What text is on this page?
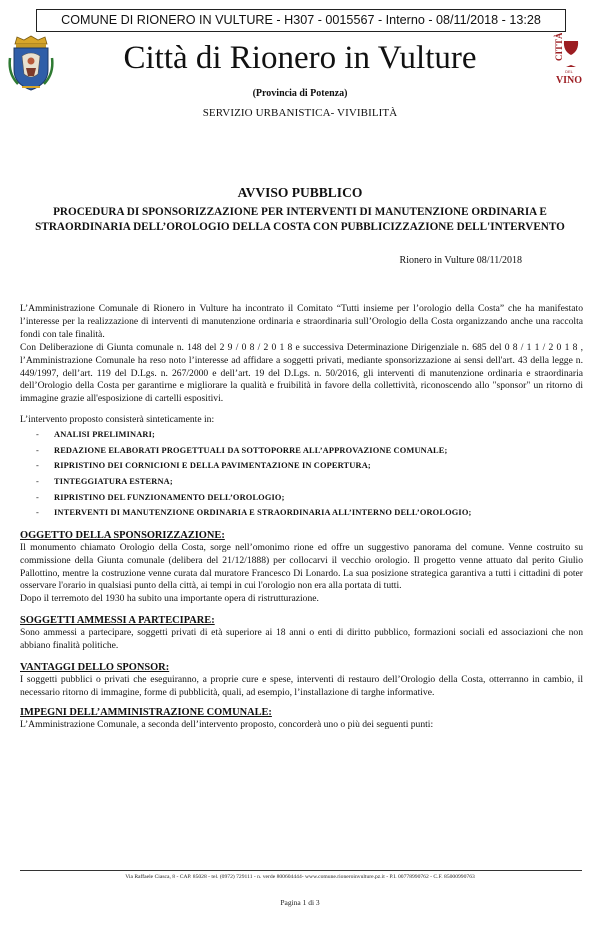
COMUNE DI RIONERO IN VULTURE - H307 - 0015567 - Interno - 08/11/2018 - 13:28
Città di Rionero in Vulture	CITTÀ
DEL
VINO
(Provincia di Potenza)
SERVIZIO URBANISTICA- VIVIBILITÀ
AVVISO PUBBLICO
PROCEDURA DI SPONSORIZZAZIONE PER INTERVENTI DI MANUTENZIONE ORDINARIA E STRAORDINARIA DELL’OROLOGIO DELLA COSTA CON PUBBLICIZZAZIONE DELL'INTERVENTO
Rionero in Vulture 08/11/2018

L’Amministrazione Comunale di Rionero in Vulture ha incontrato il Comitato “Tutti insieme per l’orologio della Costa” che ha manifestato l’interesse per la realizzazione di interventi di manutenzione ordinaria e straordinaria sull’Orologio della Costa organizzando anche una raccolta fondi con tale finalità.

Con Deliberazione di Giunta comunale n. 148 del 2 9 / 0 8 / 2 0 1 8 e successiva Determinazione Dirigenziale n. 685 del 0 8 / 1 1 / 2 0 1 8 , l’Amministrazione Comunale ha reso noto l’interesse ad affidare a soggetti privati, mediante sponsorizzazione ai sensi dell'art. 43 della legge n. 449/1997, dell’art. 119 del D.Lgs. n. 267/2000 e dell’art. 19 del D.Lgs. n. 50/2016, gli interventi di manutenzione ordinaria e straordinaria dell’Orologio della Costa per garantirne e migliorare la qualità e fruibilità in favore della collettività, riconoscendo allo "sponsor" un ritorno di immagine grazie all'esposizione di cartelli espositivi.

L’intervento proposto consisterà sinteticamente in:

- ANALISI PRELIMINARI;
- REDAZIONE ELABORATI PROGETTUALI DA SOTTOPORRE ALL’APPROVAZIONE COMUNALE;
- RIPRISTINO DEI CORNICIONI E DELLA PAVIMENTAZIONE IN COPERTURA;
- TINTEGGIATURA ESTERNA;
- RIPRISTINO DEL FUNZIONAMENTO DELL’OROLOGIO;
- INTERVENTI DI MANUTENZIONE ORDINARIA E STRAORDINARIA ALL’INTERNO DELL’OROLOGIO;

OGGETTO DELLA SPONSORIZZAZIONE:

Il monumento chiamato Orologio della Costa, sorge nell’omonimo rione ed offre un suggestivo panorama del comune. Venne costruito su commissione della Giunta comunale (delibera del 21/12/1888) per collocarvi il vecchio orologio. Il progetto venne attuato dal perito Giulio Pallottino, mentre la costruzione venne curata dal muratore Francesco Di Lonardo. La sua posizione strategica garantiva a tutti i cittadini di poter osservare l'orario in qualsiasi punto della città, ai tempi in cui l'orologio non era alla portata di tutti.

Dopo il terremoto del 1930 ha subito una importante opera di ristrutturazione.

SOGGETTI AMMESSI A PARTECIPARE:

Sono ammessi a partecipare, soggetti privati di età superiore ai 18 anni o enti di diritto pubblico, formazioni sociali ed associazioni che non abbiano finalità politiche.

VANTAGGI DELLO SPONSOR:

I soggetti pubblici o privati che eseguiranno, a proprie cure e spese, interventi di restauro dell’Orologio della Costa, otterranno in cambio, il necessario ritorno di immagine, forme di pubblicità, quali, ad esempio, l’installazione di targhe informative.

IMPEGNI DELL’AMMINISTRAZIONE COMUNALE:

L’Amministrazione Comunale, a seconda dell’intervento proposto, concorderà uno o più dei seguenti punti:

Via Raffaele Ciasca, 8 - CAP. 85028 - tel. (0972) 729111 - n. verde 800604444- www.comune.rioneroinvulture.pz.it - P.I. 00778990762 - C.F. 85000990763
Pagina 1 di 3
